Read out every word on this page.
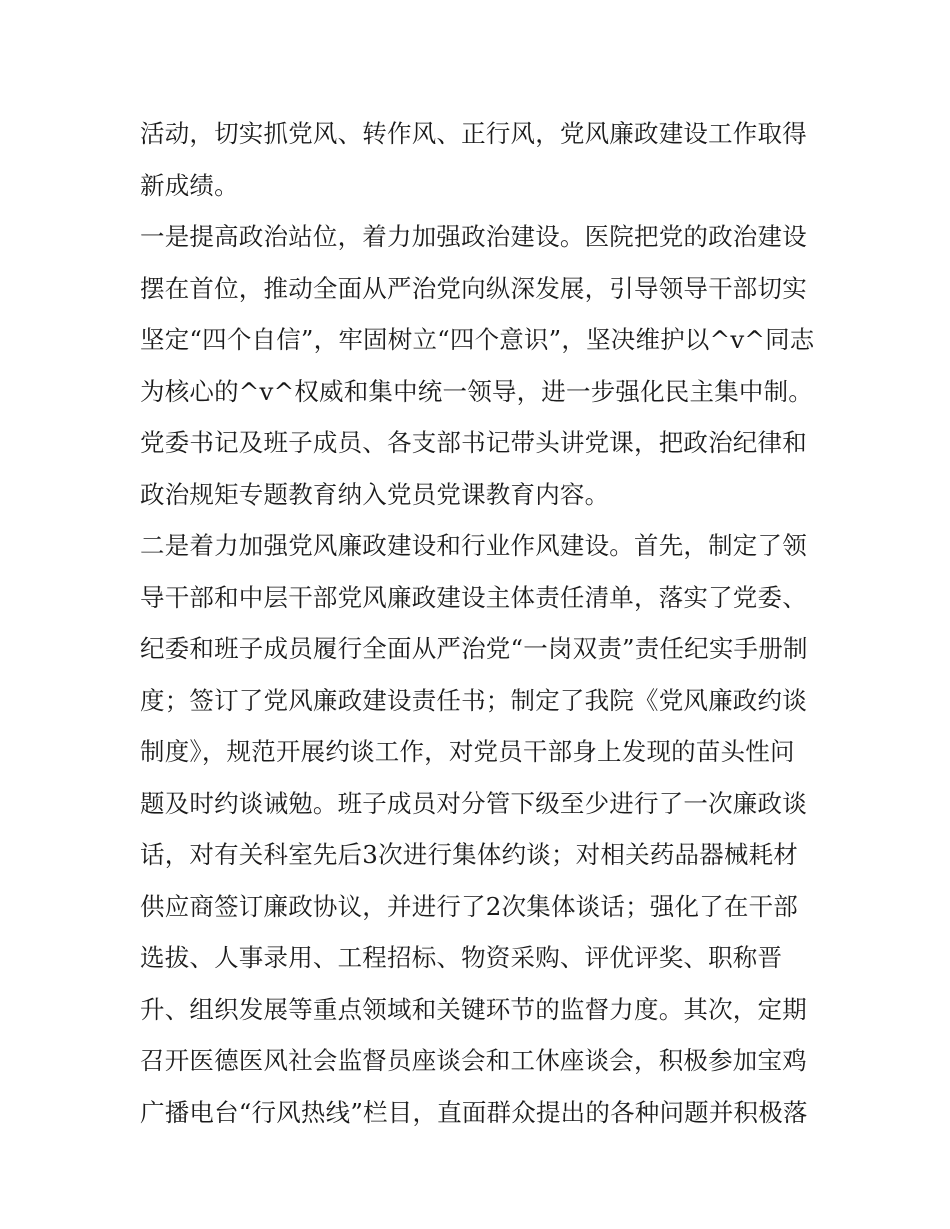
活动，切实抓党风、转作风、正行风，党风廉政建设工作取得
新成绩。
一是提高政治站位，着力加强政治建设。医院把党的政治建设
摆在首位，推动全面从严治党向纵深发展，引导领导干部切实
坚定“四个自信”，牢固树立“四个意识”，坚决维护以^v^同志
为核心的^v^权威和集中统一领导，进一步强化民主集中制。
党委书记及班子成员、各支部书记带头讲党课，把政治纪律和
政治规矩专题教育纳入党员党课教育内容。
二是着力加强党风廉政建设和行业作风建设。首先，制定了领
导干部和中层干部党风廉政建设主体责任清单，落实了党委、
纪委和班子成员履行全面从严治党“一岗双责”责任纪实手册制
度；签订了党风廉政建设责任书；制定了我院《党风廉政约谈
制度》，规范开展约谈工作，对党员干部身上发现的苗头性问
题及时约谈诫勉。班子成员对分管下级至少进行了一次廉政谈
话，对有关科室先后3次进行集体约谈；对相关药品器械耗材
供应商签订廉政协议，并进行了2次集体谈话；强化了在干部
选拔、人事录用、工程招标、物资采购、评优评奖、职称晋
升、组织发展等重点领域和关键环节的监督力度。其次，定期
召开医德医风社会监督员座谈会和工休座谈会，积极参加宝鸡
广播电台“行风热线”栏目，直面群众提出的各种问题并积极落
